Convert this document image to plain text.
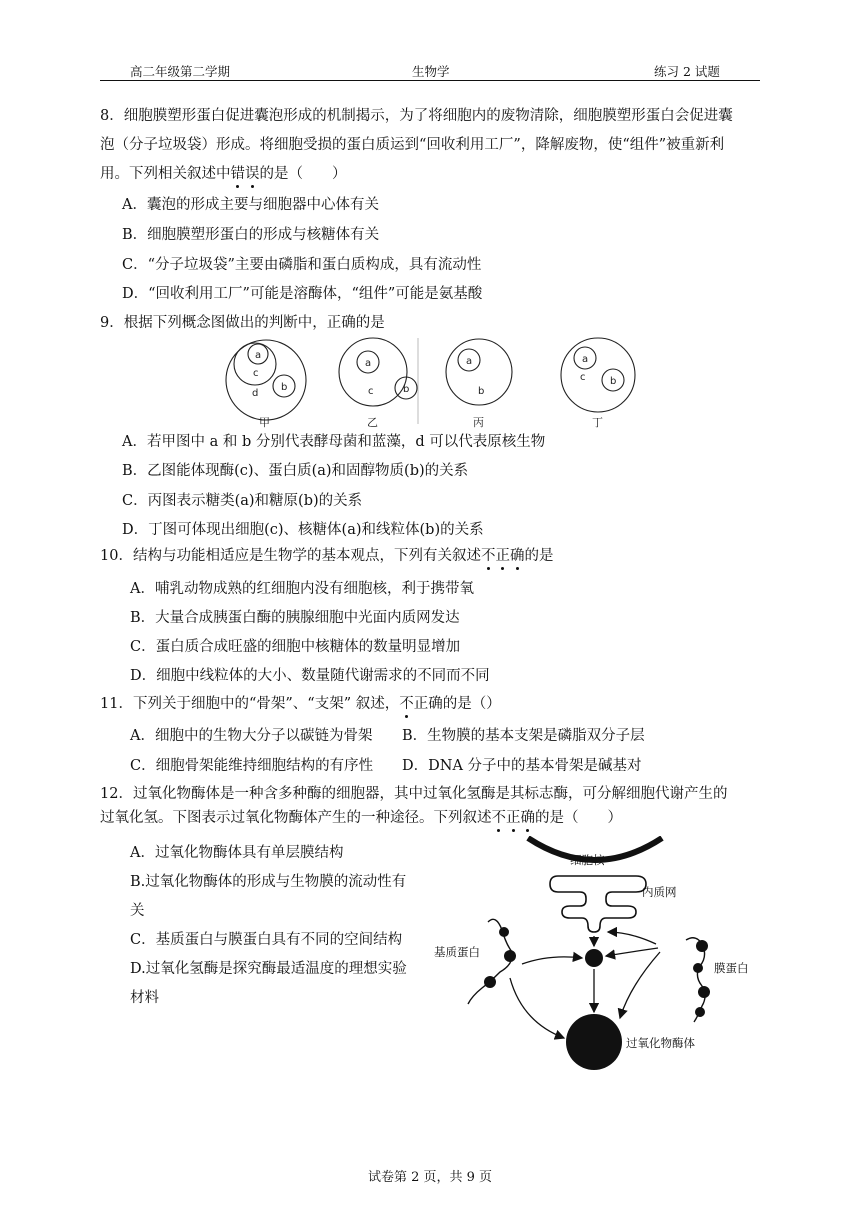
高二年级第二学期	生物学	练习 2 试题
8．细胞膜塑形蛋白促进囊泡形成的机制揭示，为了将细胞内的废物清除，细胞膜塑形蛋白会促进囊
泡（分子垃圾袋）形成。将细胞受损的蛋白质运到“回收利用工厂”，降解废物，使“组件”被重新利
用。下列相关叙述中错误的是（　　）
A．囊泡的形成主要与细胞器中心体有关
B．细胞膜塑形蛋白的形成与核糖体有关
C．“分子垃圾袋”主要由磷脂和蛋白质构成，具有流动性
D．“回收利用工厂”可能是溶酶体，“组件”可能是氨基酸
9．根据下列概念图做出的判断中，正确的是
a
c
d
b
a
c	b
a
b
a
c b
甲	乙	丙	丁
A．若甲图中 a 和 b 分别代表酵母菌和蓝藻，d 可以代表原核生物
B．乙图能体现酶(c)、蛋白质(a)和固醇物质(b)的关系
C．丙图表示糖类(a)和糖原(b)的关系
D．丁图可体现出细胞(c)、核糖体(a)和线粒体(b)的关系
10．结构与功能相适应是生物学的基本观点，下列有关叙述不正确的是
A．哺乳动物成熟的红细胞内没有细胞核，利于携带氧
B．大量合成胰蛋白酶的胰腺细胞中光面内质网发达
C．蛋白质合成旺盛的细胞中核糖体的数量明显增加
D．细胞中线粒体的大小、数量随代谢需求的不同而不同
11．下列关于细胞中的“骨架”、“支架” 叙述，不正确的是（）
A．细胞中的生物大分子以碳链为骨架 B．生物膜的基本支架是磷脂双分子层
C．细胞骨架能维持细胞结构的有序性 D．DNA 分子中的基本骨架是碱基对
12．过氧化物酶体是一种含多种酶的细胞器，其中过氧化氢酶是其标志酶，可分解细胞代谢产生的
过氧化氢。下图表示过氧化物酶体产生的一种途径。下列叙述不正确的是（　　）
A．过氧化物酶体具有单层膜结构
B.过氧化物酶体的形成与生物膜的流动性有
关
C．基质蛋白与膜蛋白具有不同的空间结构
D.过氧化氢酶是探究酶最适温度的理想实验
材料
细胞核
内质网
过氧化物酶体
基质蛋白
膜蛋白
试卷第 2 页，共 9 页
